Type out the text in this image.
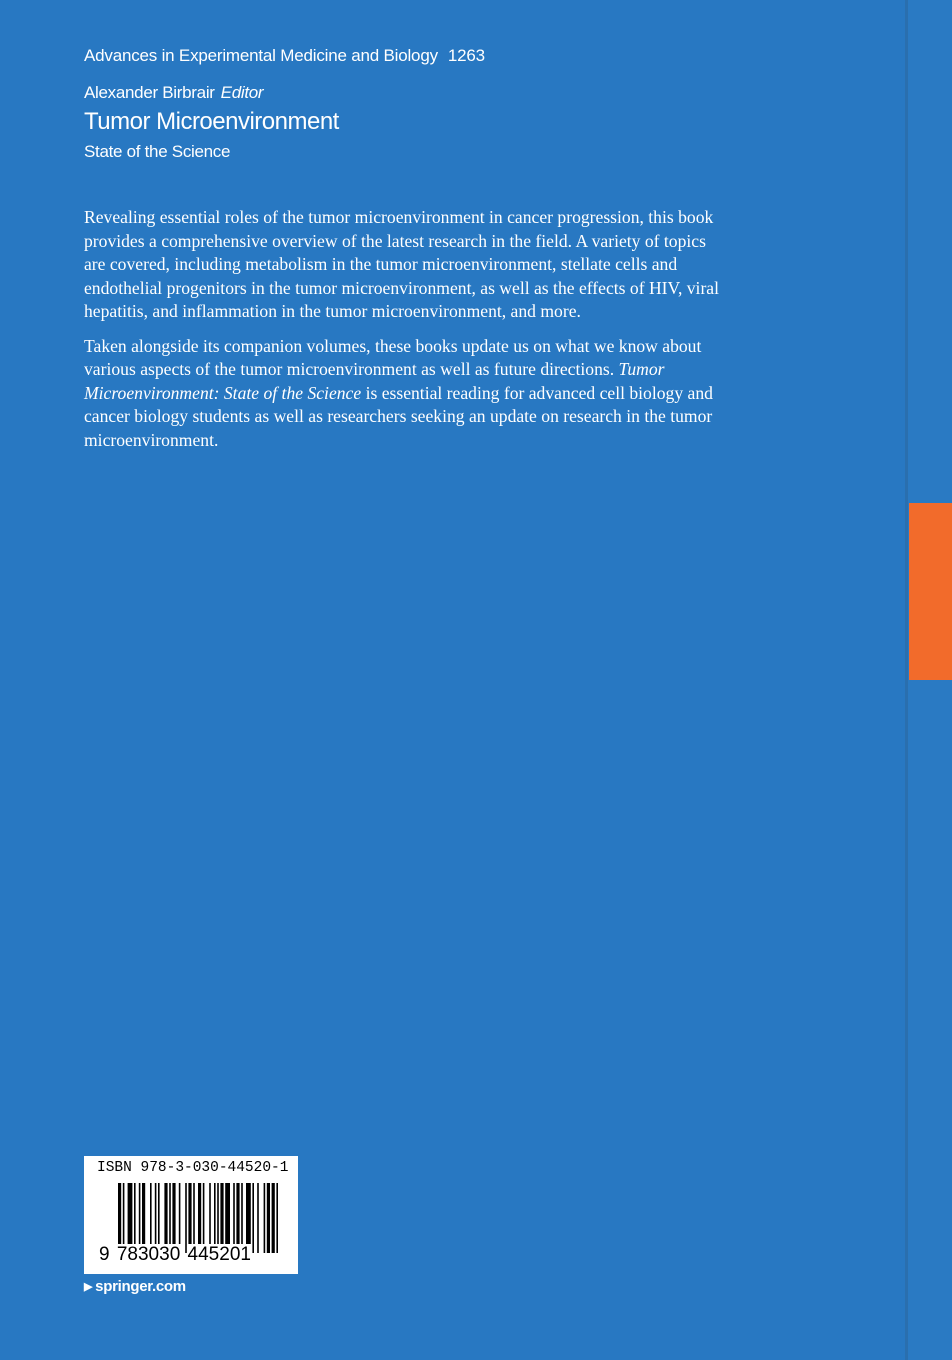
Advances in Experimental Medicine and Biology 1263
Alexander Birbrair Editor
Tumor Microenvironment
State of the Science

Revealing essential roles of the tumor microenvironment in cancer progression, this book provides a comprehensive overview of the latest research in the field. A variety of topics are covered, including metabolism in the tumor microenvironment, stellate cells and endothelial progenitors in the tumor microenvironment, as well as the effects of HIV, viral hepatitis, and inflammation in the tumor microenvironment, and more.

Taken alongside its companion volumes, these books update us on what we know about various aspects of the tumor microenvironment as well as future directions. Tumor Microenvironment: State of the Science is essential reading for advanced cell biology and cancer biology students as well as researchers seeking an update on research in the tumor microenvironment.

ISBN 978-3-030-44520-1
9 783030 445201
▶ springer.com
